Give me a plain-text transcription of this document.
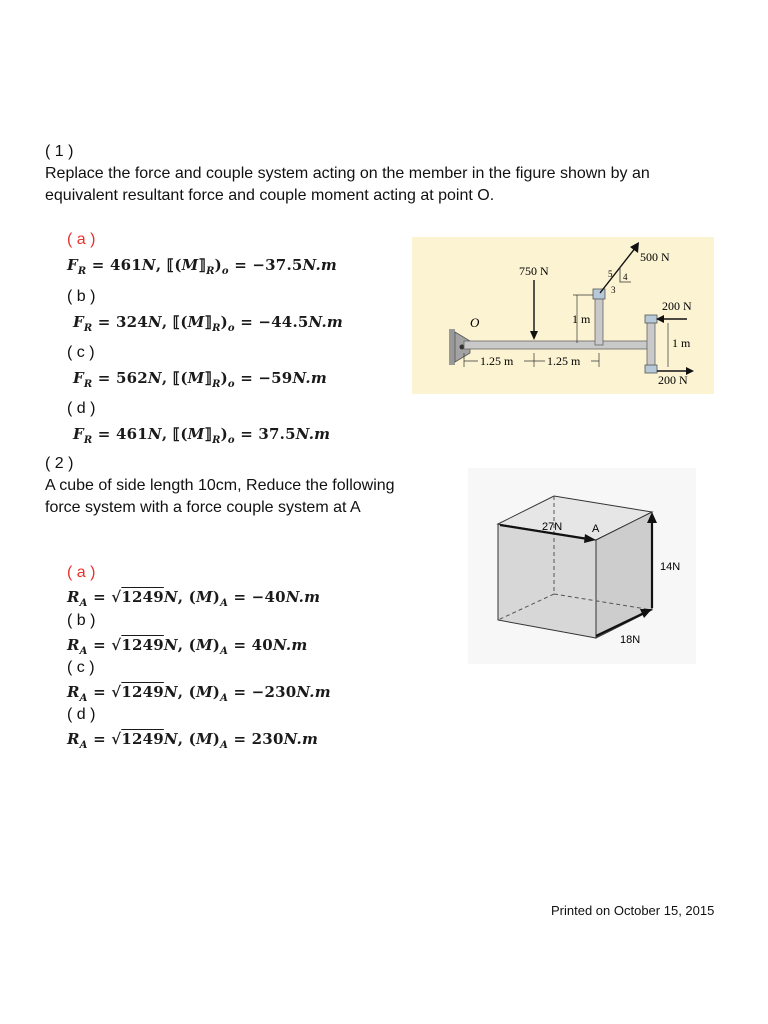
( 1 )
Replace the force and couple system acting on the member in the figure shown by an
equivalent resultant force and couple moment acting at point O.
( a )
$F_R = 461N$, $⟦(M⟧_R)_o = -37.5N.m$
( b )
$F_R = 324N$, $⟦(M⟧_R)_o = -44.5N.m$
( c )
$F_R = 562N$, $⟦(M⟧_R)_o = -59N.m$
( d )
$F_R = 461N$, $⟦(M⟧_R)_o = 37.5N.m$
O
750 N
500 N
5 4
3
1 m
200 N
1 m
200 N
1.25 m	1.25 m
( 2 )
A cube of side length 10cm, Reduce the following
force system with a force couple system at A
( a )
$R_A = √1249N$, $(M)_A = -40N.m$
( b )
$R_A = √1249N$, $(M)_A = 40N.m$
( c )
$R_A = √1249N$, $(M)_A = -230N.m$
( d )
$R_A = √1249N$, $(M)_A = 230N.m$
27N	A
14N
18N
Printed on October 15, 2015
